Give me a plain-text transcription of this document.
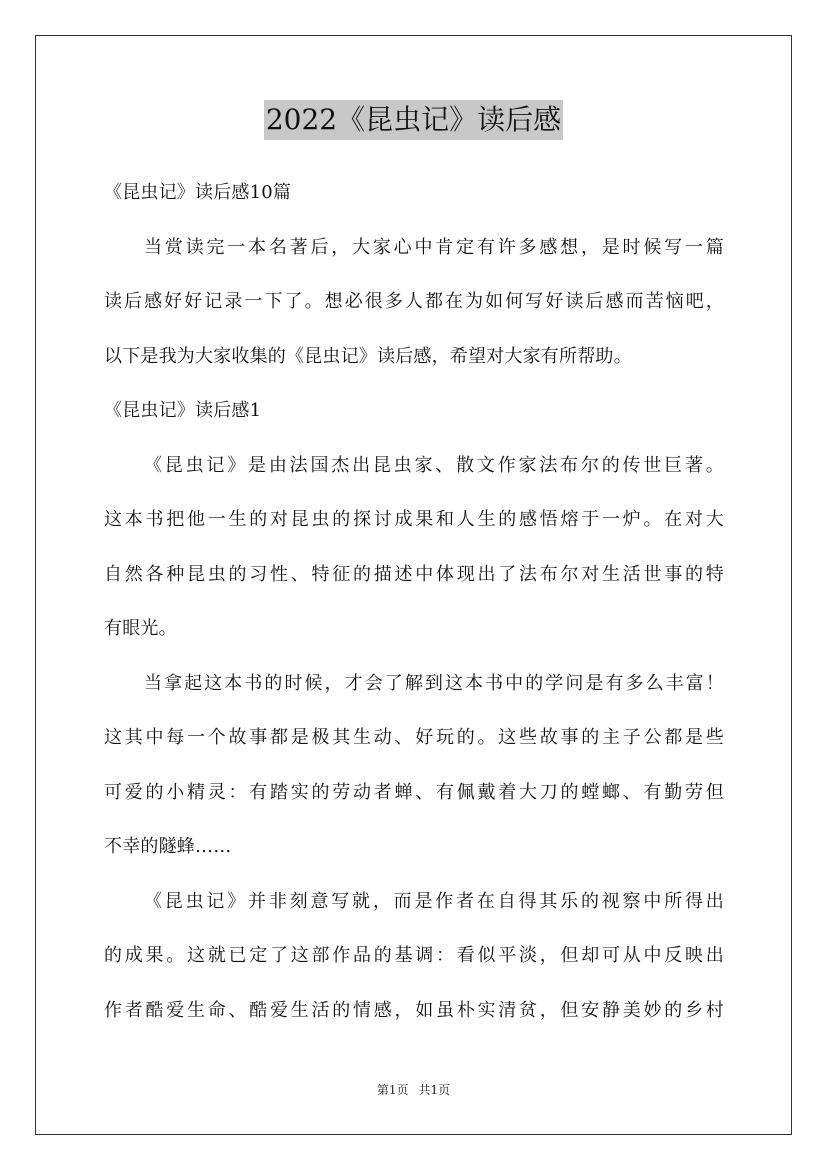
2022《昆虫记》读后感
《昆虫记》读后感10篇
当赏读完一本名著后，大家心中肯定有许多感想，是时候写一篇
读后感好好记录一下了。想必很多人都在为如何写好读后感而苦恼吧，
以下是我为大家收集的《昆虫记》读后感，希望对大家有所帮助。
《昆虫记》读后感1
《昆虫记》是由法国杰出昆虫家、散文作家法布尔的传世巨著。
这本书把他一生的对昆虫的探讨成果和人生的感悟熔于一炉。在对大
自然各种昆虫的习性、特征的描述中体现出了法布尔对生活世事的特
有眼光。
当拿起这本书的时候，才会了解到这本书中的学问是有多么丰富！
这其中每一个故事都是极其生动、好玩的。这些故事的主子公都是些
可爱的小精灵：有踏实的劳动者蝉、有佩戴着大刀的螳螂、有勤劳但
不幸的隧蜂……
《昆虫记》并非刻意写就，而是作者在自得其乐的视察中所得出
的成果。这就已定了这部作品的基调：看似平淡，但却可从中反映出
作者酷爱生命、酷爱生活的情感，如虽朴实清贫，但安静美妙的乡村
第1页 共1页
